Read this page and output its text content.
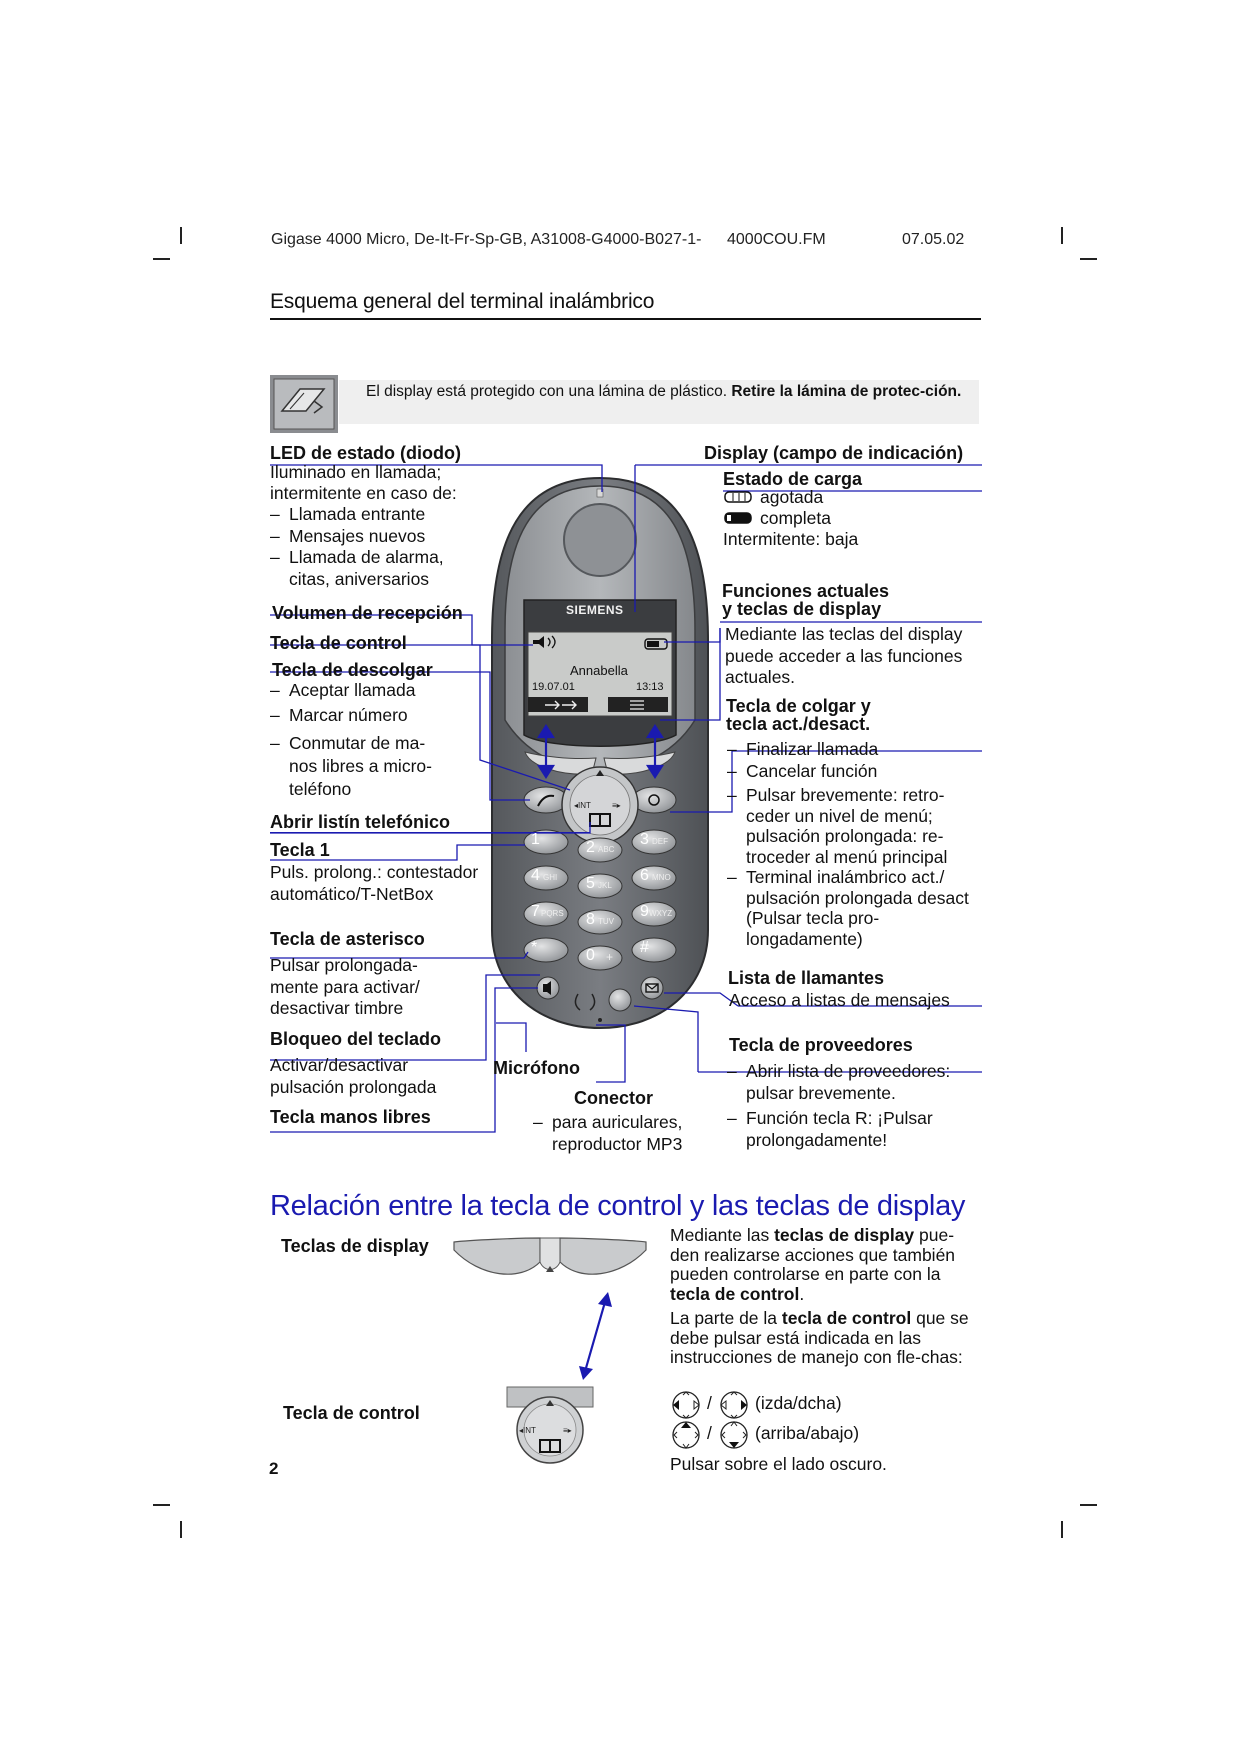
Gigase 4000 Micro, De-It-Fr-Sp-GB, A31008-G4000-B027-1- 4000COU.FM	07.05.02
Esquema general del terminal inalámbrico
El display está protegido con una lámina de plástico. Retire la lámina de protec-ción.
◂INT	≡▸
SIEMENS
Annabella
19.07.01	13:13
1	2	3
4	5	6
7	8	9
*	0	#
ABC
DEF
GHI
JKL
MNO
PQRS
TUV
WXYZ
+
LED de estado (diodo)
Iluminado en llamada;
intermitente en caso de:
– Llamada entrante
– Mensajes nuevos
– Llamada de alarma, citas, aniversarios
Volumen de recepción
Tecla de control
Tecla de descolgar
– Aceptar llamada
– Marcar número
– Conmutar de ma-nos libres a micro-teléfono
Abrir listín telefónico
Tecla 1
Puls. prolong.: contestador automático/T-NetBox
Tecla de asterisco
Pulsar prolongada-mente para activar/ desactivar timbre
Bloqueo del teclado
Activar/desactivar pulsación prolongada
Tecla manos libres
Display (campo de indicación)
Estado de carga
agotada
completa
Intermitente: baja
Funciones actuales
y teclas de display
Mediante las teclas del display puede acceder a las funciones actuales.
Tecla de colgar y
tecla act./desact.
– Finalizar llamada
– Cancelar función
– Pulsar brevemente: retro-ceder un nivel de menú; pulsación prolongada: re-troceder al menú principal
– Terminal inalámbrico act./ pulsación prolongada desact (Pulsar tecla pro-longadamente)
Lista de llamantes
Acceso a listas de mensajes
Tecla de proveedores
– Abrir lista de proveedores: pulsar brevemente.
– Función tecla R: ¡Pulsar prolongadamente!
Micrófono
Conector
– para auriculares, reproductor MP3
Relación entre la tecla de control y las teclas de display
Teclas de display
Tecla de control
◂INT	≡▸
Mediante las teclas de display pue-den realizarse acciones que también pueden controlarse en parte con la tecla de control.
La parte de la tecla de control que se debe pulsar está indicada en las instrucciones de manejo con fle-chas:
/ (izda/dcha)
/ (arriba/abajo)
Pulsar sobre el lado oscuro.
2
